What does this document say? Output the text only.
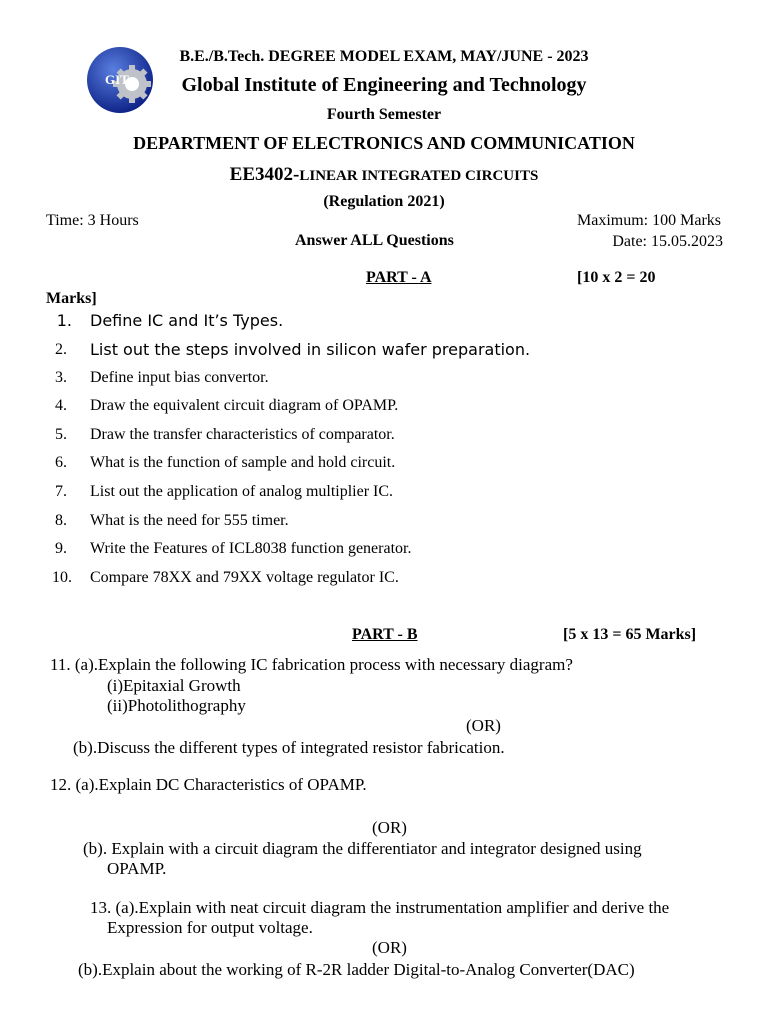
GIT
B.E./B.Tech. DEGREE MODEL EXAM, MAY/JUNE - 2023
Global Institute of Engineering and Technology
Fourth Semester
DEPARTMENT OF ELECTRONICS AND COMMUNICATION
EE3402-LINEAR INTEGRATED CIRCUITS
(Regulation 2021)
Time: 3 Hours	Maximum: 100 Marks
Answer ALL Questions	Date: 15.05.2023
PART - A	[10 x 2 = 20
Marks]
1. Define IC and It’s Types.
2. List out the steps involved in silicon wafer preparation.
3. Define input bias convertor.
4. Draw the equivalent circuit diagram of OPAMP.
5. Draw the transfer characteristics of comparator.
6. What is the function of sample and hold circuit.
7. List out the application of analog multiplier IC.
8. What is the need for 555 timer.
9. Write the Features of ICL8038 function generator.
10. Compare 78XX and 79XX voltage regulator IC.
PART - B	[5 x 13 = 65 Marks]
11. (a).Explain the following IC fabrication process with necessary diagram?
(i)Epitaxial Growth
(ii)Photolithography
(OR)
(b).Discuss the different types of integrated resistor fabrication.
12. (a).Explain DC Characteristics of OPAMP.
(OR)
(b). Explain with a circuit diagram the differentiator and integrator designed using
OPAMP.
13. (a).Explain with neat circuit diagram the instrumentation amplifier and derive the
Expression for output voltage.
(OR)
(b).Explain about the working of R-2R ladder Digital-to-Analog Converter(DAC)
